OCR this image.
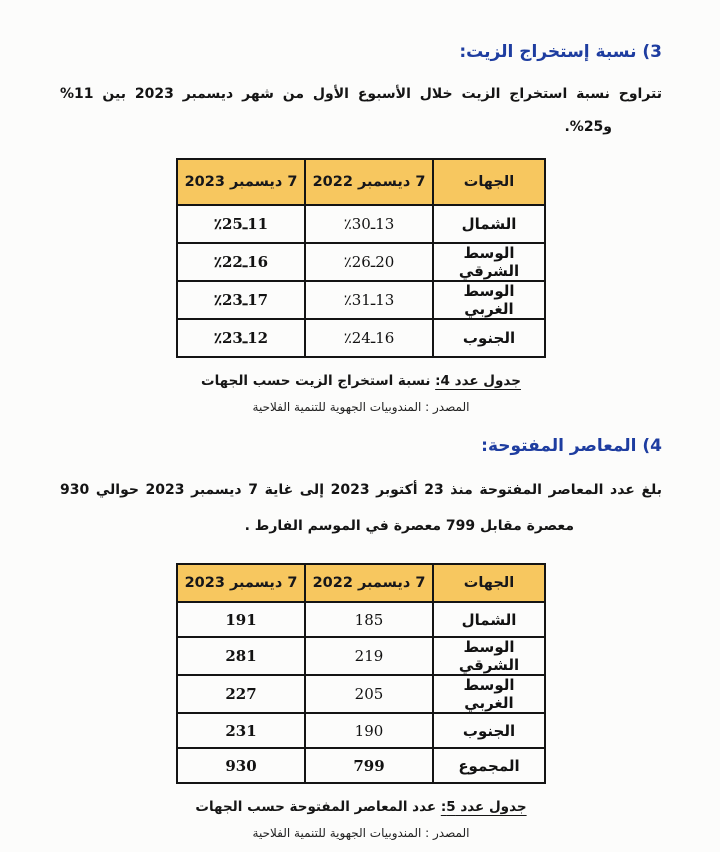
3) نسبة إستخراج الزيت:
تتراوح نسبة استخراج الزيت خلال الأسبوع الأول من شهر ديسمبر 2023 بين 11%
و25%.
الجهات	7 ديسمبر 2022	7 ديسمبر 2023
الشمال	٪30ـ13	٪25ـ11
الوسط الشرقي	٪26ـ20	٪22ـ16
الوسط الغربي	٪31ـ13	٪23ـ17
الجنوب	٪24ـ16	٪23ـ12
جدول عدد 4: نسبة استخراج الزيت حسب الجهات
المصدر : المندوبيات الجهوية للتنمية الفلاحية
4) المعاصر المفتوحة:
بلغ عدد المعاصر المفتوحة منذ 23 أكتوبر 2023 إلى غاية 7 ديسمبر 2023 حوالي 930
معصرة مقابل 799 معصرة في الموسم الفارط .
الجهات	7 ديسمبر 2022	7 ديسمبر 2023
الشمال	185	191
الوسط الشرقي	219	281
الوسط الغربي	205	227
الجنوب	190	231
المجموع	799	930
جدول عدد 5: عدد المعاصر المفتوحة حسب الجهات
المصدر : المندوبيات الجهوية للتنمية الفلاحية
